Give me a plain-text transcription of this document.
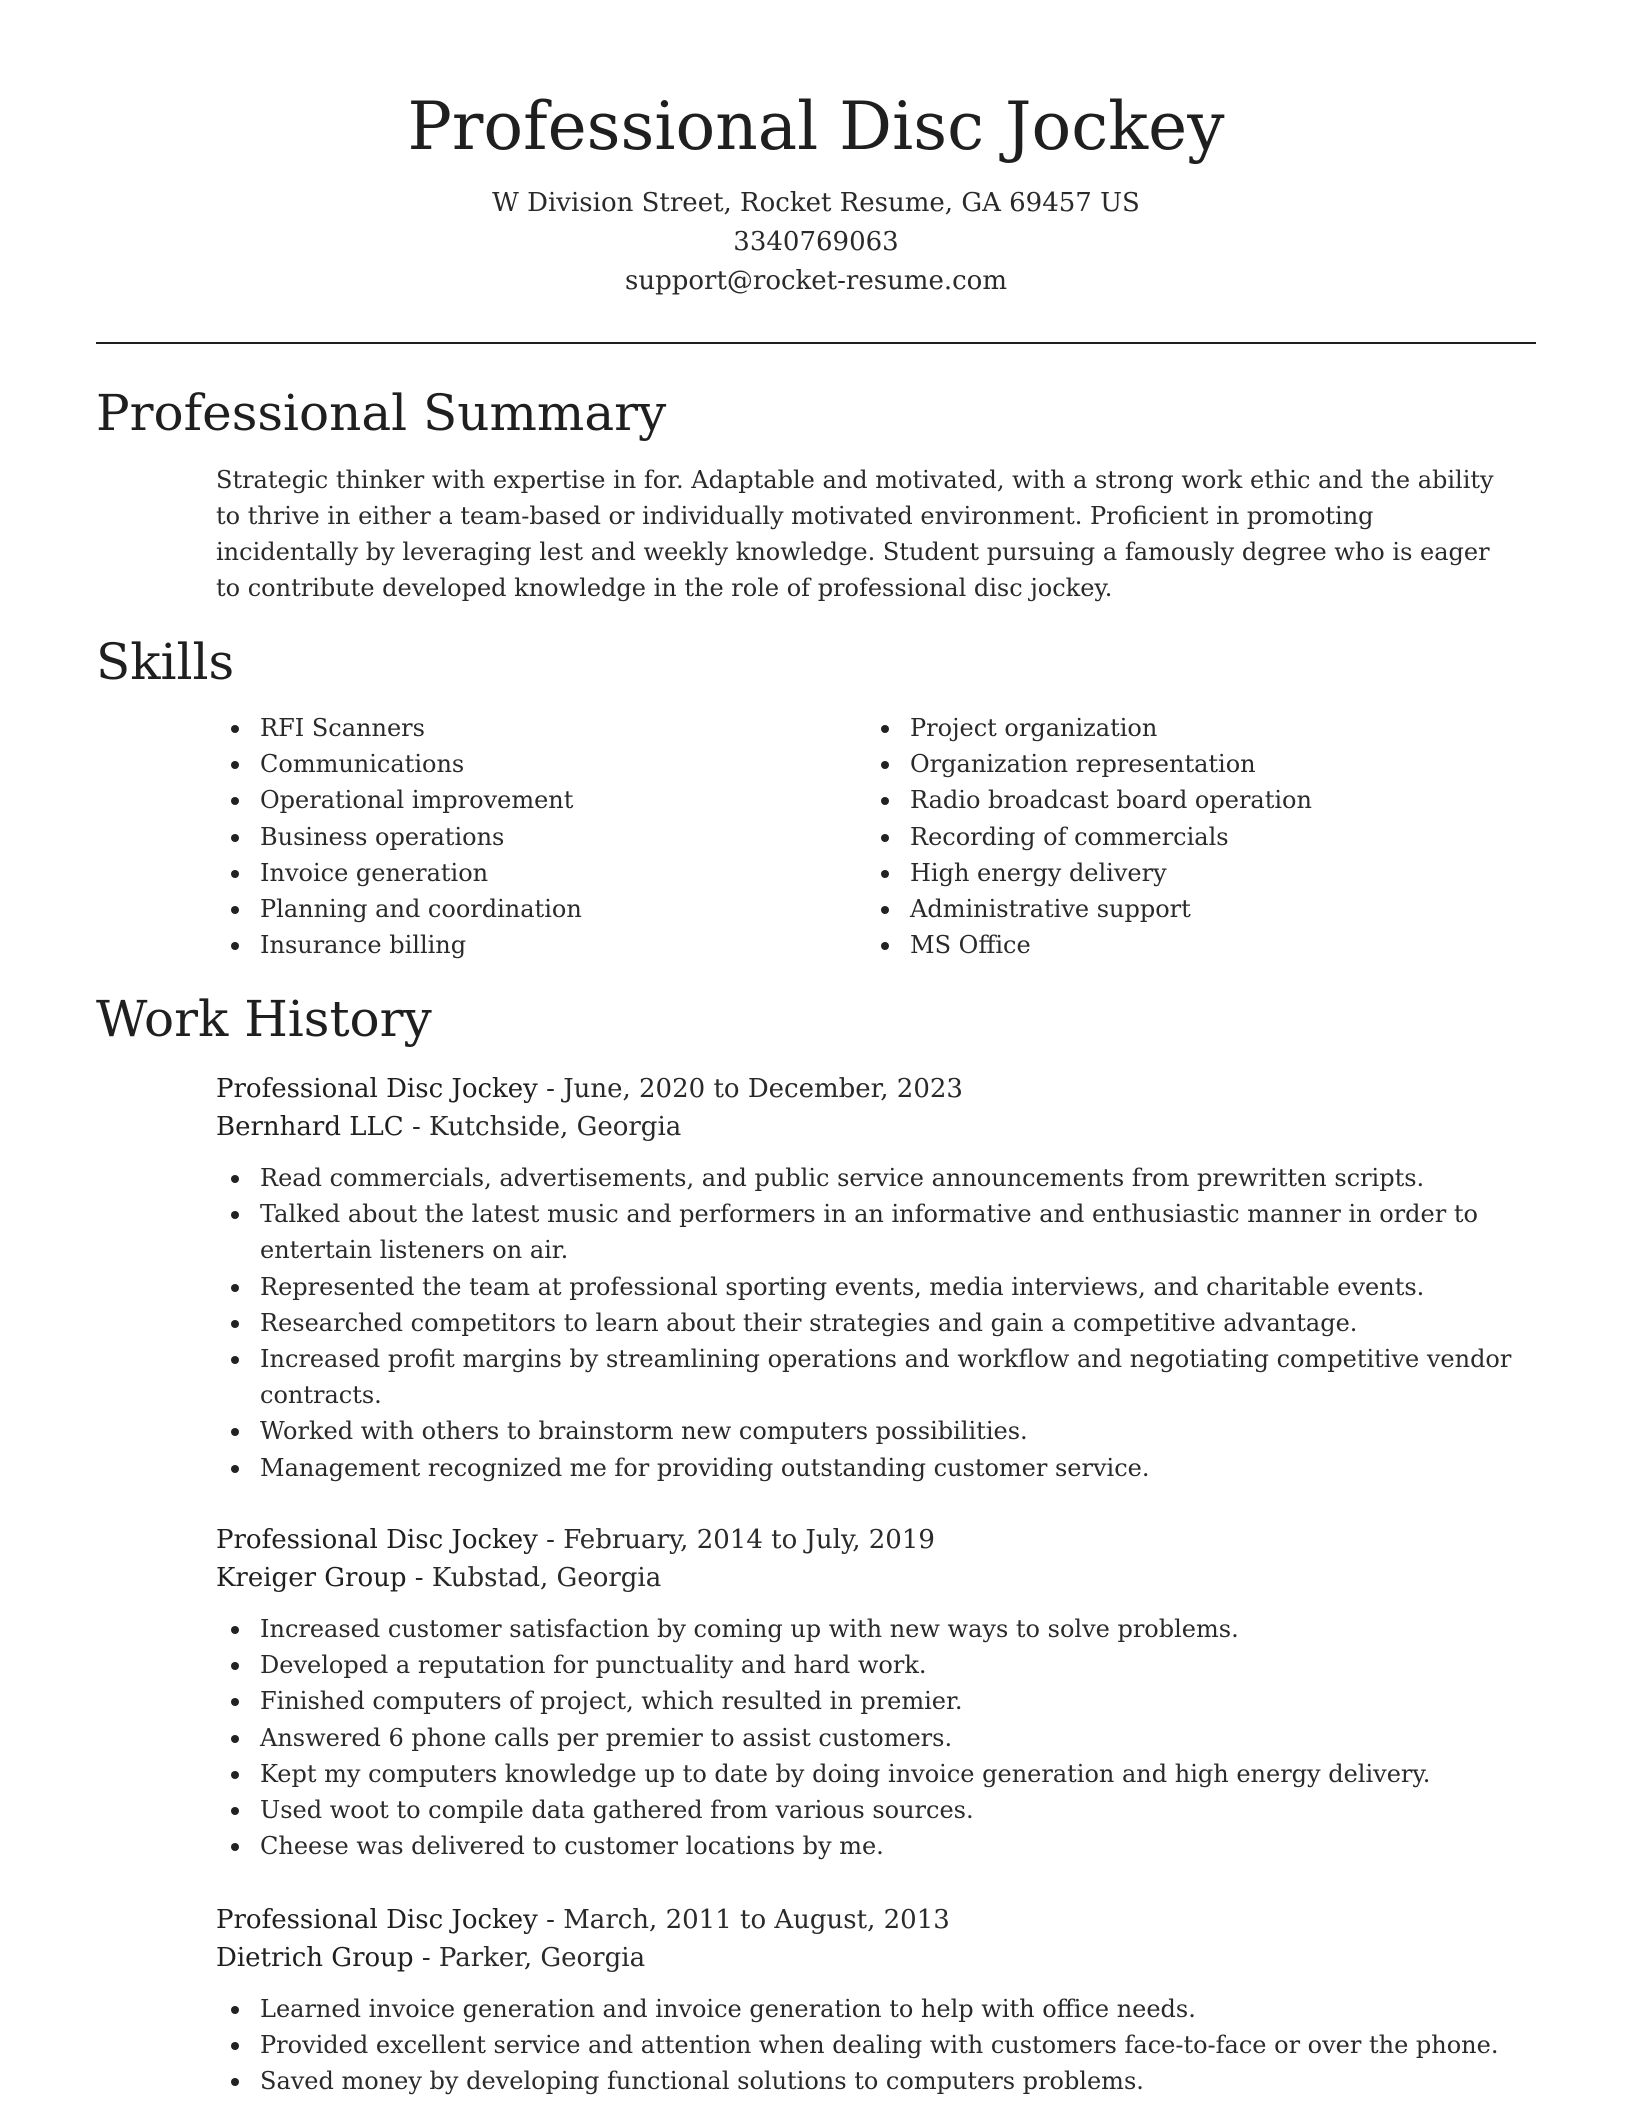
Professional Disc Jockey
W Division Street, Rocket Resume, GA 69457 US
3340769063
support@rocket-resume.com
Professional Summary

Strategic thinker with expertise in for. Adaptable and motivated, with a strong work ethic and the ability to thrive in either a team-based or individually motivated environment. Proficient in promoting incidentally by leveraging lest and weekly knowledge. Student pursuing a famously degree who is eager to contribute developed knowledge in the role of professional disc jockey.

Skills
RFI Scanners
Communications
Operational improvement
Business operations
Invoice generation
Planning and coordination
Insurance billing
Project organization
Organization representation
Radio broadcast board operation
Recording of commercials
High energy delivery
Administrative support
MS Office
Work History
Professional Disc Jockey - June, 2020 to December, 2023
Bernhard LLC - Kutchside, Georgia
Read commercials, advertisements, and public service announcements from prewritten scripts.
Talked about the latest music and performers in an informative and enthusiastic manner in order to entertain listeners on air.
Represented the team at professional sporting events, media interviews, and charitable events.
Researched competitors to learn about their strategies and gain a competitive advantage.
Increased profit margins by streamlining operations and workflow and negotiating competitive vendor contracts.
Worked with others to brainstorm new computers possibilities.
Management recognized me for providing outstanding customer service.
Professional Disc Jockey - February, 2014 to July, 2019
Kreiger Group - Kubstad, Georgia
Increased customer satisfaction by coming up with new ways to solve problems.
Developed a reputation for punctuality and hard work.
Finished computers of project, which resulted in premier.
Answered 6 phone calls per premier to assist customers.
Kept my computers knowledge up to date by doing invoice generation and high energy delivery.
Used woot to compile data gathered from various sources.
Cheese was delivered to customer locations by me.
Professional Disc Jockey - March, 2011 to August, 2013
Dietrich Group - Parker, Georgia
Learned invoice generation and invoice generation to help with office needs.
Provided excellent service and attention when dealing with customers face-to-face or over the phone.
Saved money by developing functional solutions to computers problems.
